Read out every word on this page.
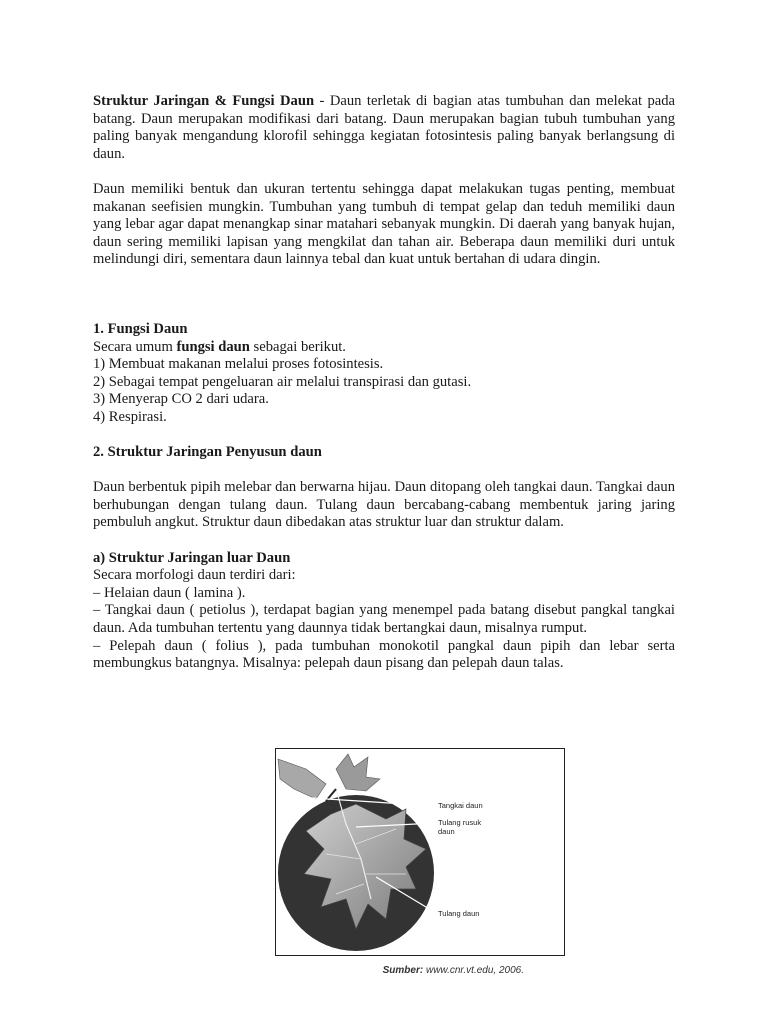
Struktur Jaringan & Fungsi Daun - Daun terletak di bagian atas tumbuhan dan melekat pada batang. Daun merupakan modifikasi dari batang. Daun merupakan bagian tubuh tumbuhan yang paling banyak mengandung klorofil sehingga kegiatan fotosintesis paling banyak berlangsung di daun.

Daun memiliki bentuk dan ukuran tertentu sehingga dapat melakukan tugas penting, membuat makanan seefisien mungkin. Tumbuhan yang tumbuh di tempat gelap dan teduh memiliki daun yang lebar agar dapat menangkap sinar matahari sebanyak mungkin. Di daerah yang banyak hujan, daun sering memiliki lapisan yang mengkilat dan tahan air. Beberapa daun memiliki duri untuk melindungi diri, sementara daun lainnya tebal dan kuat untuk bertahan di udara dingin.

1. Fungsi Daun

Secara umum fungsi daun sebagai berikut.

1) Membuat makanan melalui proses fotosintesis.

2) Sebagai tempat pengeluaran air melalui transpirasi dan gutasi.

3) Menyerap CO 2 dari udara.

4) Respirasi.

2. Struktur Jaringan Penyusun daun

Daun berbentuk pipih melebar dan berwarna hijau. Daun ditopang oleh tangkai daun. Tangkai daun berhubungan dengan tulang daun. Tulang daun bercabang-cabang membentuk jaring jaring pembuluh angkut. Struktur daun dibedakan atas struktur luar dan struktur dalam.

a) Struktur Jaringan luar Daun

Secara morfologi daun terdiri dari:

– Helaian daun ( lamina ).

– Tangkai daun ( petiolus ), terdapat bagian yang menempel pada batang disebut pangkal tangkai daun. Ada tumbuhan tertentu yang daunnya tidak bertangkai daun, misalnya rumput.

– Pelepah daun ( folius ), pada tumbuhan monokotil pangkal daun pipih dan lebar serta membungkus batangnya. Misalnya: pelepah daun pisang dan pelepah daun talas.

Tangkai daun
Tulang rusuk
daun
Tulang daun
Sumber: www.cnr.vt.edu, 2006.
